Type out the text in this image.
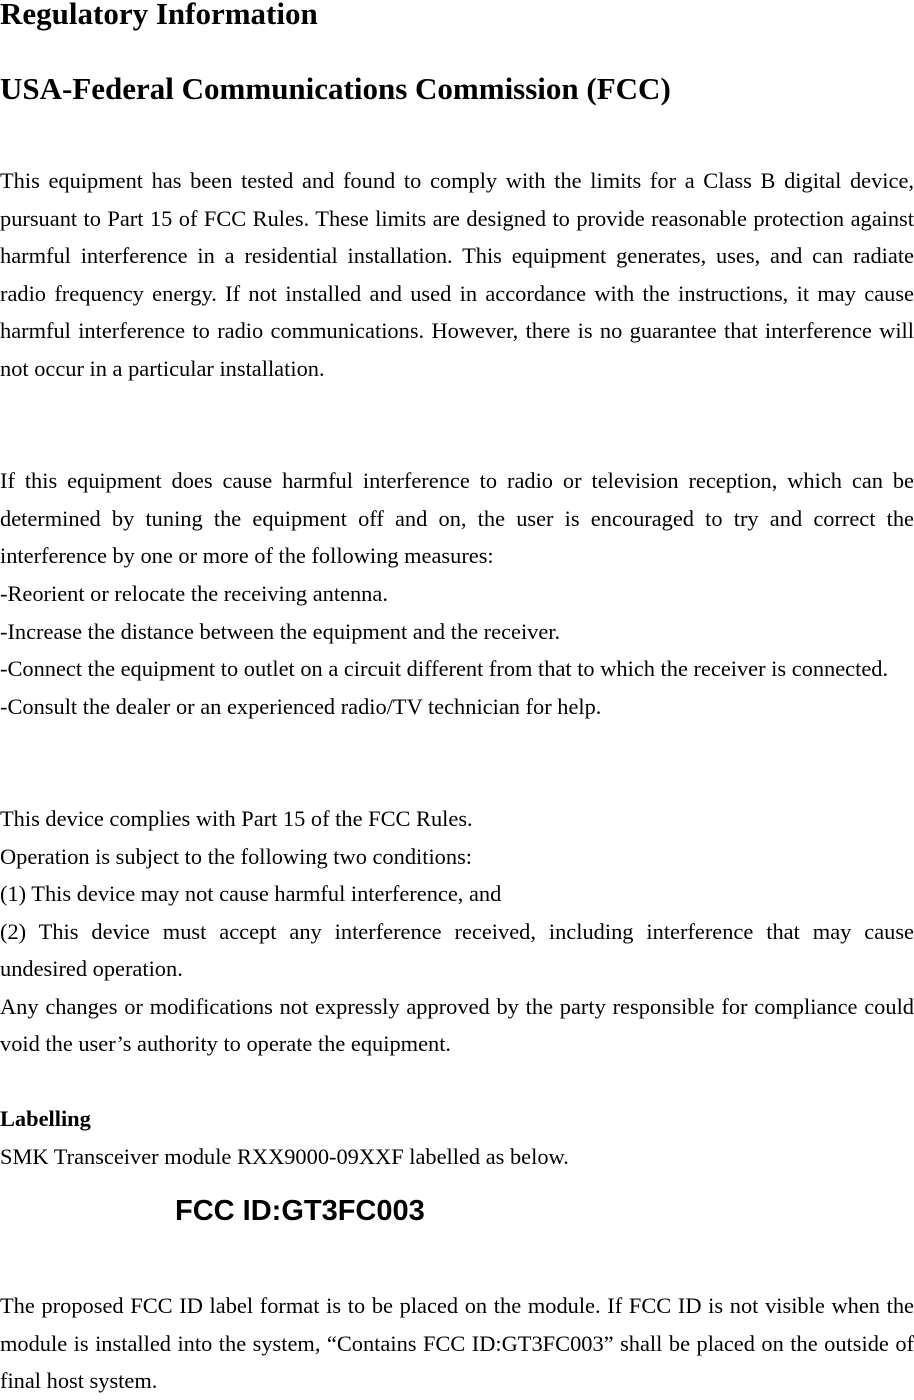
Regulatory Information
USA-Federal Communications Commission (FCC)

This equipment has been tested and found to comply with the limits for a Class B digital device, pursuant to Part 15 of FCC Rules. These limits are designed to provide reasonable protection against harmful interference in a residential installation. This equipment generates, uses, and can radiate radio frequency energy. If not installed and used in accordance with the instructions, it may cause harmful interference to radio communications. However, there is no guarantee that interference will not occur in a particular installation.

If this equipment does cause harmful interference to radio or television reception, which can be determined by tuning the equipment off and on, the user is encouraged to try and correct the interference by one or more of the following measures:

-Reorient or relocate the receiving antenna.
-Increase the distance between the equipment and the receiver.

-Connect the equipment to outlet on a circuit different from that to which the receiver is connected.

-Consult the dealer or an experienced radio/TV technician for help.
This device complies with Part 15 of the FCC Rules.
Operation is subject to the following two conditions:
(1) This device may not cause harmful interference, and

(2) This device must accept any interference received, including interference that may cause undesired operation.

Any changes or modifications not expressly approved by the party responsible for compliance could void the user’s authority to operate the equipment.

Labelling
SMK Transceiver module RXX9000-09XXF labelled as below.

FCC ID:GT3FC003

The proposed FCC ID label format is to be placed on the module. If FCC ID is not visible when the module is installed into the system, “Contains FCC ID:GT3FC003” shall be placed on the outside of final host system.
